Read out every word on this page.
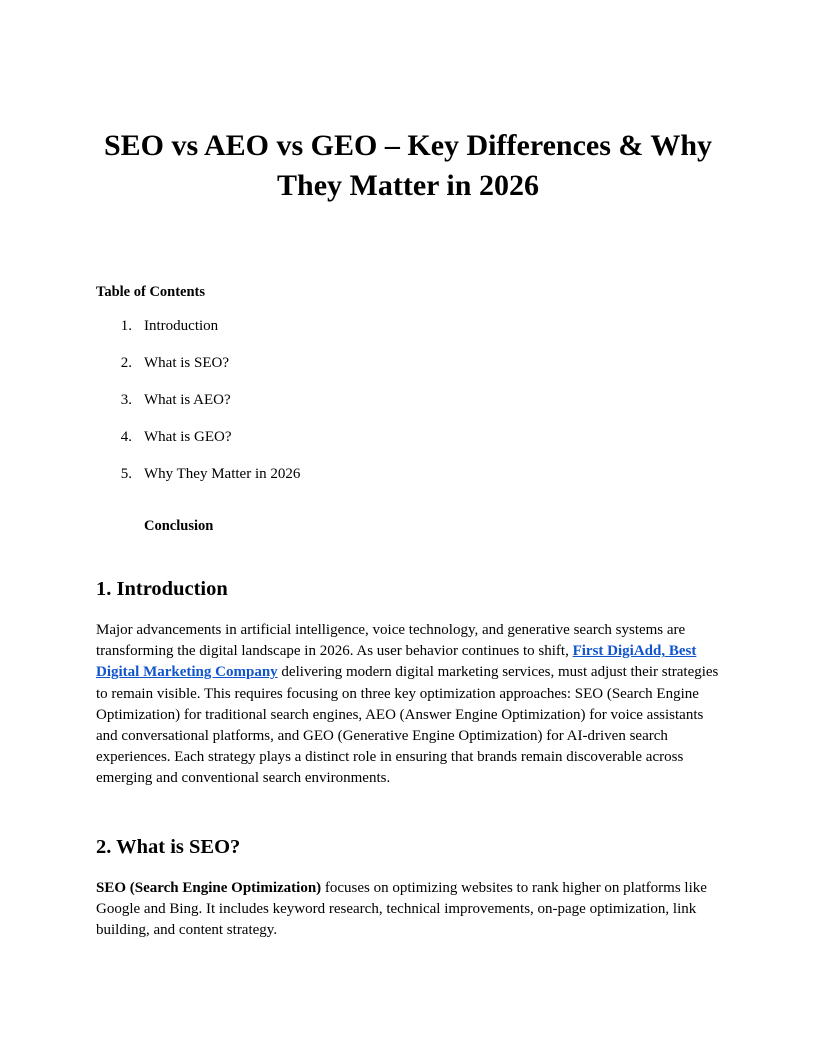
SEO vs AEO vs GEO – Key Differences & Why They Matter in 2026

Table of Contents

1. Introduction
2. What is SEO?
3. What is AEO?
4. What is GEO?
5. Why They Matter in 2026

Conclusion

1. Introduction

Major advancements in artificial intelligence, voice technology, and generative search systems are transforming the digital landscape in 2026. As user behavior continues to shift, First DigiAdd, Best Digital Marketing Company delivering modern digital marketing services, must adjust their strategies to remain visible. This requires focusing on three key optimization approaches: SEO (Search Engine Optimization) for traditional search engines, AEO (Answer Engine Optimization) for voice assistants and conversational platforms, and GEO (Generative Engine Optimization) for AI-driven search experiences. Each strategy plays a distinct role in ensuring that brands remain discoverable across emerging and conventional search environments.

2. What is SEO?

SEO (Search Engine Optimization) focuses on optimizing websites to rank higher on platforms like Google and Bing. It includes keyword research, technical improvements, on-page optimization, link building, and content strategy.
